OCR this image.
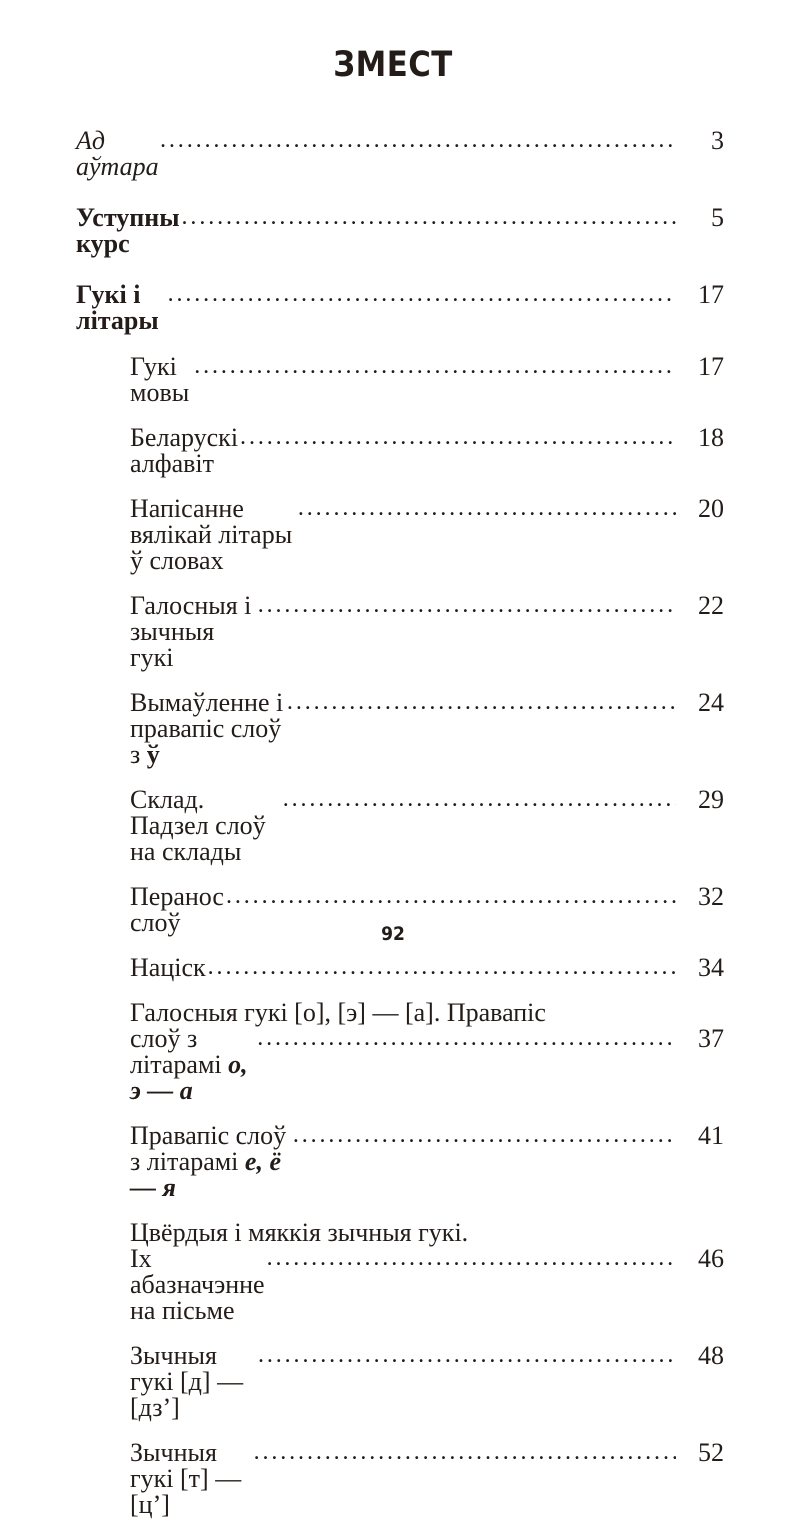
ЗМЕСТ
Ад аўтара
.....
3
Уступны курс
.....
5
Гукі і літары
.....
17
Гукі мовы
.....
17
Беларускі алфавіт
.....
18
Напісанне вялікай літары ў словах
.....
20
Галосныя і зычныя гукі
.....
22
Вымаўленне і правапіс слоў з ў
.....
24
Склад. Падзел слоў на склады
.....
29
Перанос слоў
.....
32
Націск .....	34
Галосныя гукі [о], [э] — [а]. Правапіс
слоў з літарамі о, э — а
.....
37
Правапіс слоў з літарамі е, ё — я
.....
41
Цвёрдыя і мяккія зычныя гукі.
Іх абазначэнне на пісьме
.....
46
Зычныя гукі [д] — [дз’]
.....
48
Зычныя гукі [т] — [ц’]
.....
52
92
